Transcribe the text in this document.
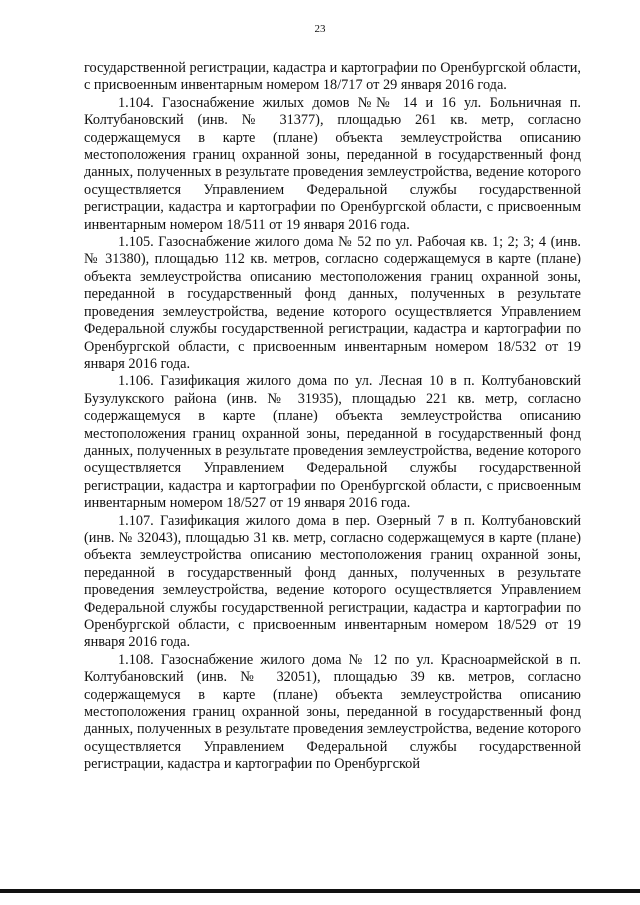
23

государственной регистрации, кадастра и картографии по Оренбургской области, с присвоенным инвентарным номером 18/717 от 29 января 2016 года.

1.104. Газоснабжение жилых домов №№ 14 и 16 ул. Больничная п. Колтубановский (инв. № 31377), площадью 261 кв. метр, согласно содержащемуся в карте (плане) объекта землеустройства описанию местоположения границ охранной зоны, переданной в государственный фонд данных, полученных в результате проведения землеустройства, ведение которого осуществляется Управлением Федеральной службы государственной регистрации, кадастра и картографии по Оренбургской области, с присвоенным инвентарным номером 18/511 от 19 января 2016 года.

1.105. Газоснабжение жилого дома № 52 по ул. Рабочая кв. 1; 2; 3; 4 (инв. № 31380), площадью 112 кв. метров, согласно содержащемуся в карте (плане) объекта землеустройства описанию местоположения границ охранной зоны, переданной в государственный фонд данных, полученных в результате проведения землеустройства, ведение которого осуществляется Управлением Федеральной службы государственной регистрации, кадастра и картографии по Оренбургской области, с присвоенным инвентарным номером 18/532 от 19 января 2016 года.

1.106. Газификация жилого дома по ул. Лесная 10 в п. Колтубановский Бузулукского района (инв. № 31935), площадью 221 кв. метр, согласно содержащемуся в карте (плане) объекта землеустройства описанию местоположения границ охранной зоны, переданной в государственный фонд данных, полученных в результате проведения землеустройства, ведение которого осуществляется Управлением Федеральной службы государственной регистрации, кадастра и картографии по Оренбургской области, с присвоенным инвентарным номером 18/527 от 19 января 2016 года.

1.107. Газификация жилого дома в пер. Озерный 7 в п. Колтубановский (инв. № 32043), площадью 31 кв. метр, согласно содержащемуся в карте (плане) объекта землеустройства описанию местоположения границ охранной зоны, переданной в государственный фонд данных, полученных в результате проведения землеустройства, ведение которого осуществляется Управлением Федеральной службы государственной регистрации, кадастра и картографии по Оренбургской области, с присвоенным инвентарным номером 18/529 от 19 января 2016 года.

1.108. Газоснабжение жилого дома № 12 по ул. Красноармейской в п. Колтубановский (инв. № 32051), площадью 39 кв. метров, согласно содержащемуся в карте (плане) объекта землеустройства описанию местоположения границ охранной зоны, переданной в государственный фонд данных, полученных в результате проведения землеустройства, ведение которого осуществляется Управлением Федеральной службы государственной регистрации, кадастра и картографии по Оренбургской
